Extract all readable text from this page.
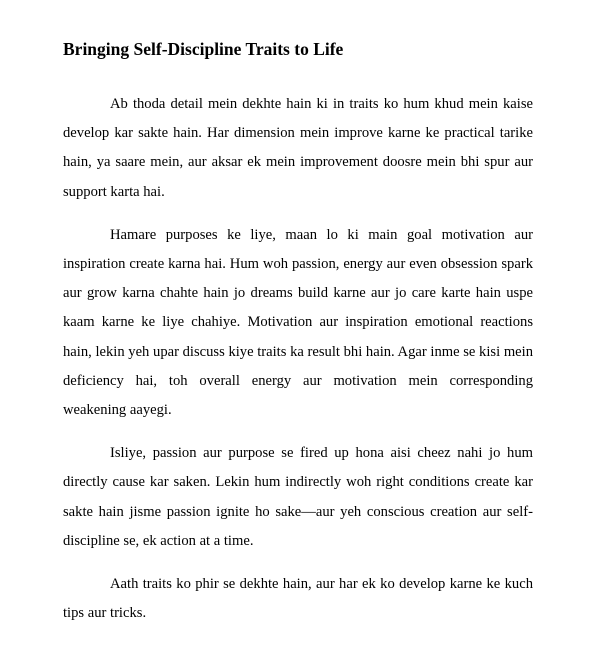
Bringing Self-Discipline Traits to Life

Ab thoda detail mein dekhte hain ki in traits ko hum khud mein kaise develop kar sakte hain. Har dimension mein improve karne ke practical tarike hain, ya saare mein, aur aksar ek mein improvement doosre mein bhi spur aur support karta hai.

Hamare purposes ke liye, maan lo ki main goal motivation aur inspiration create karna hai. Hum woh passion, energy aur even obsession spark aur grow karna chahte hain jo dreams build karne aur jo care karte hain uspe kaam karne ke liye chahiye. Motivation aur inspiration emotional reactions hain, lekin yeh upar discuss kiye traits ka result bhi hain. Agar inme se kisi mein deficiency hai, toh overall energy aur motivation mein corresponding weakening aayegi.

Isliye, passion aur purpose se fired up hona aisi cheez nahi jo hum directly cause kar saken. Lekin hum indirectly woh right conditions create kar sakte hain jisme passion ignite ho sake—aur yeh conscious creation aur self-discipline se, ek action at a time.

Aath traits ko phir se dekhte hain, aur har ek ko develop karne ke kuch tips aur tricks.
